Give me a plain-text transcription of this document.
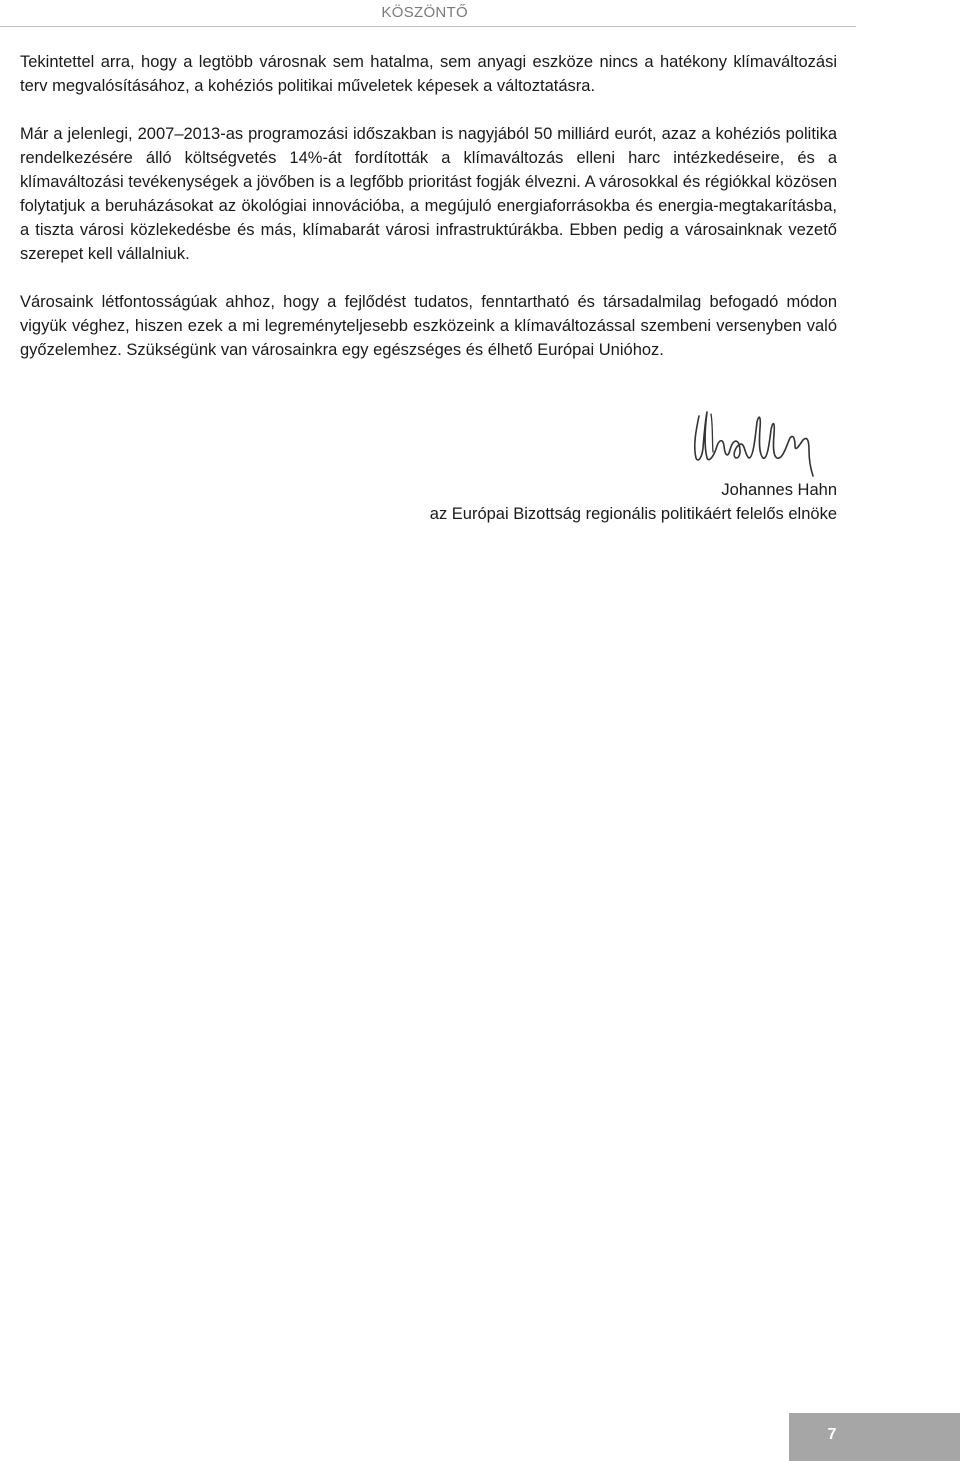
KÖSZÖNTŐ

Tekintettel arra, hogy a legtöbb városnak sem hatalma, sem anyagi eszköze nincs a hatékony klímaváltozási terv megvalósításához, a kohéziós politikai műveletek képesek a változtatásra.

Már a jelenlegi, 2007–2013-as programozási időszakban is nagyjából 50 milliárd eurót, azaz a kohéziós politika rendelkezésére álló költségvetés 14%-át fordították a klímaváltozás elleni harc intézkedéseire, és a klímaváltozási tevékenységek a jövőben is a legfőbb prioritást fogják élvezni. A városokkal és régiókkal közösen folytatjuk a beruházásokat az ökológiai innovációba, a megújuló energiaforrásokba és energia-megtakarításba, a tiszta városi közlekedésbe és más, klímabarát városi infrastruktúrákba. Ebben pedig a városainknak vezető szerepet kell vállalniuk.

Városaink létfontosságúak ahhoz, hogy a fejlődést tudatos, fenntartható és társadalmilag befogadó módon vigyük véghez, hiszen ezek a mi legreményteljesebb eszközeink a klímaváltozással szembeni versenyben való győzelemhez. Szükségünk van városainkra egy egészséges és élhető Európai Unióhoz.

Johannes Hahn
az Európai Bizottság regionális politikáért felelős elnöke
7
